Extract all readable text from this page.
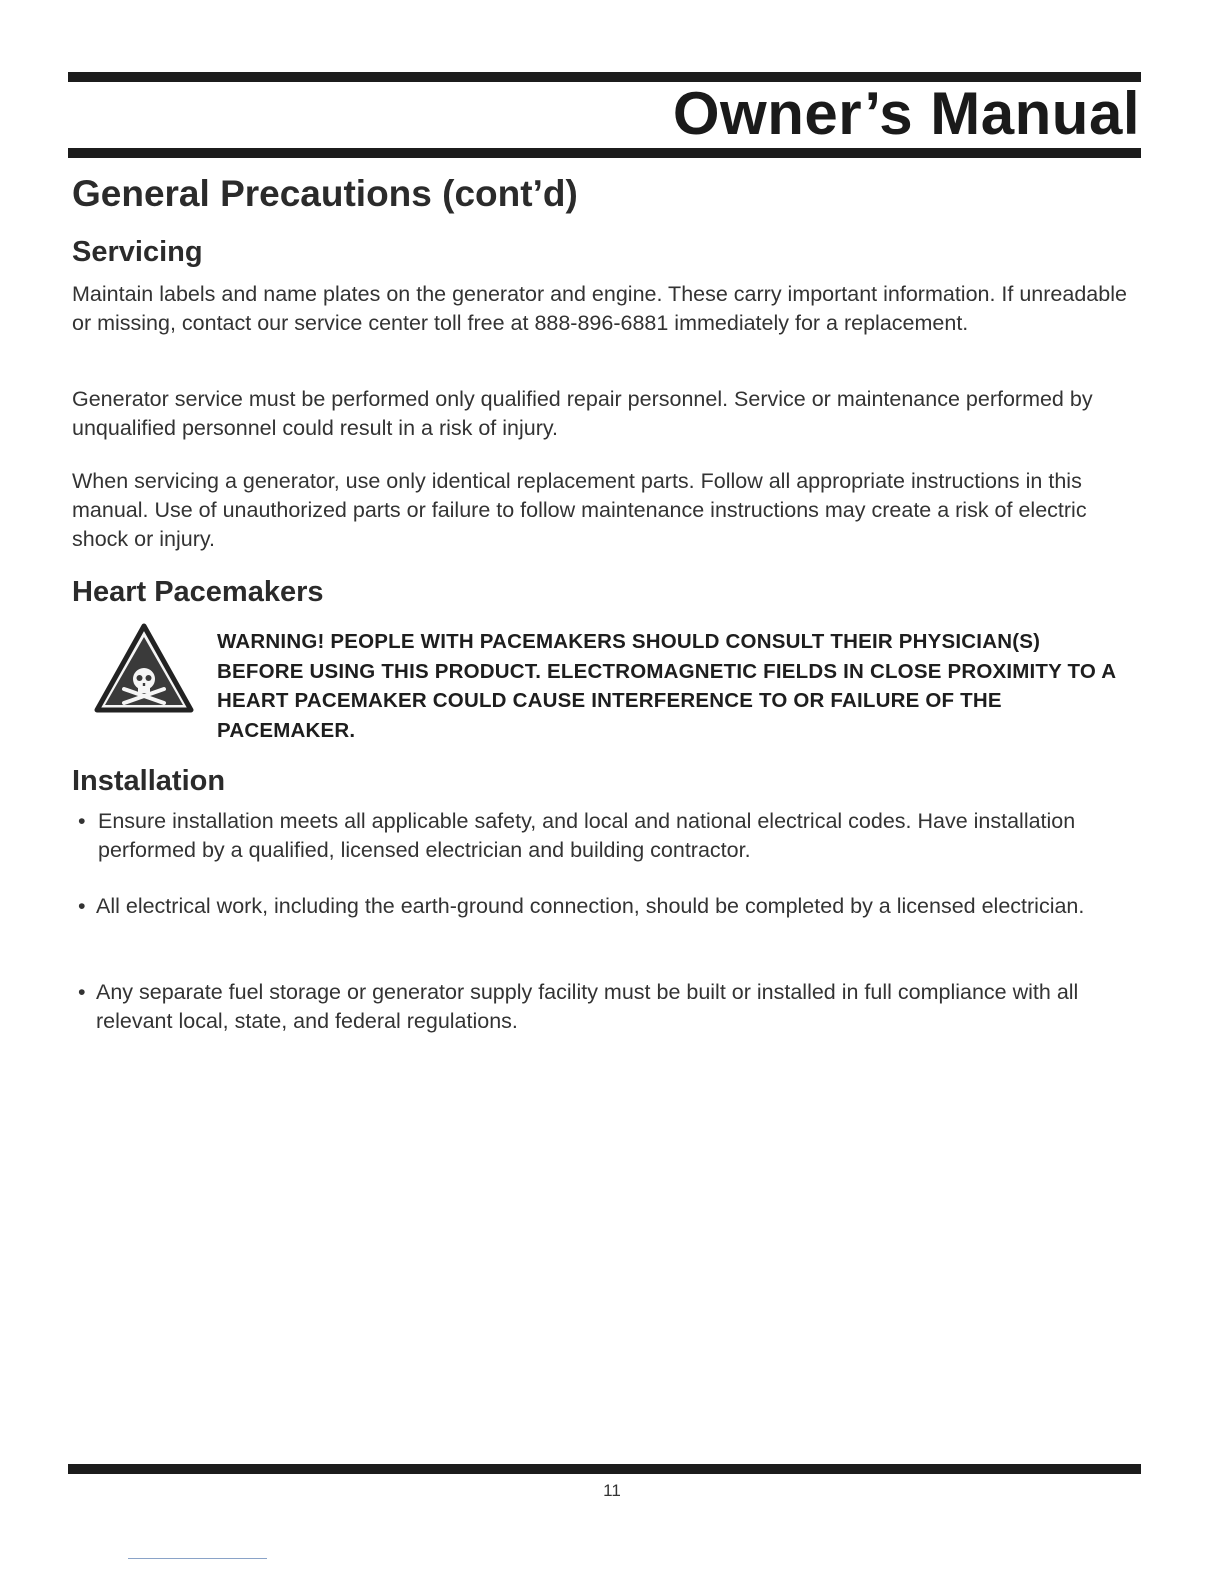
Owner’s Manual
General Precautions (cont’d)
Servicing
Maintain labels and name plates on the generator and engine. These carry important information. If unreadable or missing, contact our service center toll free at 888-896-6881 immediately for a replacement.
Generator service must be performed only qualified repair personnel. Service or maintenance performed by unqualified personnel could result in a risk of injury.
When servicing a generator, use only identical replacement parts. Follow all appropriate instructions in this manual. Use of unauthorized parts or failure to follow maintenance instructions may create a risk of electric shock or injury.
Heart Pacemakers
WARNING! PEOPLE WITH PACEMAKERS SHOULD CONSULT THEIR PHYSICIAN(S) BEFORE USING THIS PRODUCT. ELECTROMAGNETIC FIELDS IN CLOSE PROXIMITY TO A HEART PACEMAKER COULD CAUSE INTERFERENCE TO OR FAILURE OF THE PACEMAKER.
Installation
• Ensure installation meets all applicable safety, and local and national electrical codes. Have installation performed by a qualified, licensed electrician and building contractor.
• All electrical work, including the earth-ground connection, should be completed by a licensed electrician.
• Any separate fuel storage or generator supply facility must be built or installed in full compliance with all relevant local, state, and federal regulations.
11
